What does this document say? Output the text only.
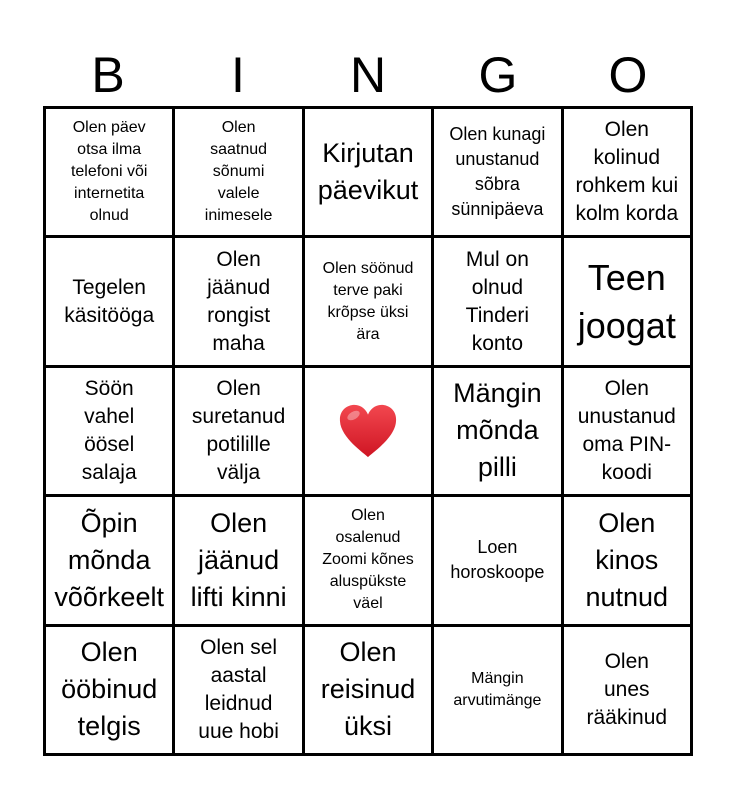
B	I	N	G	O
Olen päev
otsa ilma
telefoni või
internetita
olnud
Olen
saatnud
sõnumi
valele
inimesele
Kirjutan
päevikut
Olen kunagi
unustanud
sõbra
sünnipäeva
Olen
kolinud
rohkem kui
kolm korda
Tegelen
käsitööga
Olen
jäänud
rongist
maha
Olen söönud
terve paki
krõpse üksi
ära
Mul on
olnud
Tinderi
konto
Teen
joogat
Söön
vahel
öösel
salaja
Olen
suretanud
potilille
välja
Mängin
mõnda
pilli
Olen
unustanud
oma PIN-
koodi
Õpin
mõnda
võõrkeelt
Olen
jäänud
lifti kinni
Olen
osalenud
Zoomi kõnes
aluspükste
väel
Loen
horoskoope
Olen
kinos
nutnud
Olen
ööbinud
telgis
Olen sel
aastal
leidnud
uue hobi
Olen
reisinud
üksi
Mängin
arvutimänge
Olen
unes
rääkinud
